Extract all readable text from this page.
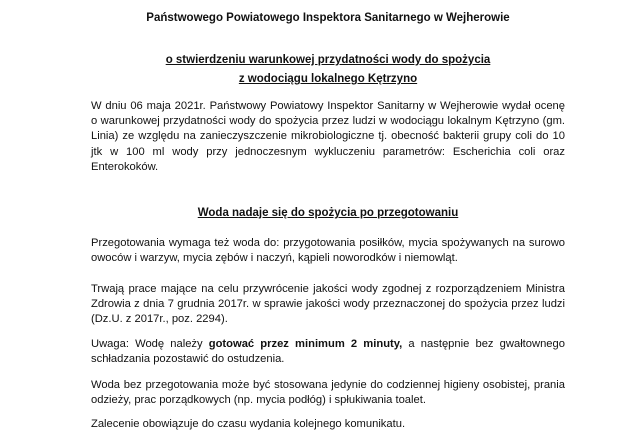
Państwowego Powiatowego Inspektora Sanitarnego w Wejherowie
o stwierdzeniu warunkowej przydatności wody do spożycia
z wodociągu lokalnego Kętrzyno
W dniu 06 maja 2021r. Państwowy Powiatowy Inspektor Sanitarny w Wejherowie wydał ocenę o warunkowej przydatności wody do spożycia przez ludzi w wodociągu lokalnym Kętrzyno (gm. Linia) ze względu na zanieczyszczenie mikrobiologiczne tj. obecność bakterii grupy coli do 10 jtk w 100 ml wody przy jednoczesnym wykluczeniu parametrów: Escherichia coli oraz Enterokoków.
Woda nadaje się do spożycia po przegotowaniu
Przegotowania wymaga też woda do: przygotowania posiłków, mycia spożywanych na surowo owoców i warzyw, mycia zębów i naczyń, kąpieli noworodków i niemowląt.
Trwają prace mające na celu przywrócenie jakości wody zgodnej z rozporządzeniem Ministra Zdrowia z dnia 7 grudnia 2017r. w sprawie jakości wody przeznaczonej do spożycia przez ludzi (Dz.U. z 2017r., poz. 2294).
Uwaga: Wodę należy gotować przez minimum 2 minuty, a następnie bez gwałtownego schładzania pozostawić do ostudzenia.
Woda bez przegotowania może być stosowana jedynie do codziennej higieny osobistej, prania odzieży, prac porządkowych (np. mycia podłóg) i spłukiwania toalet.
Zalecenie obowiązuje do czasu wydania kolejnego komunikatu.
